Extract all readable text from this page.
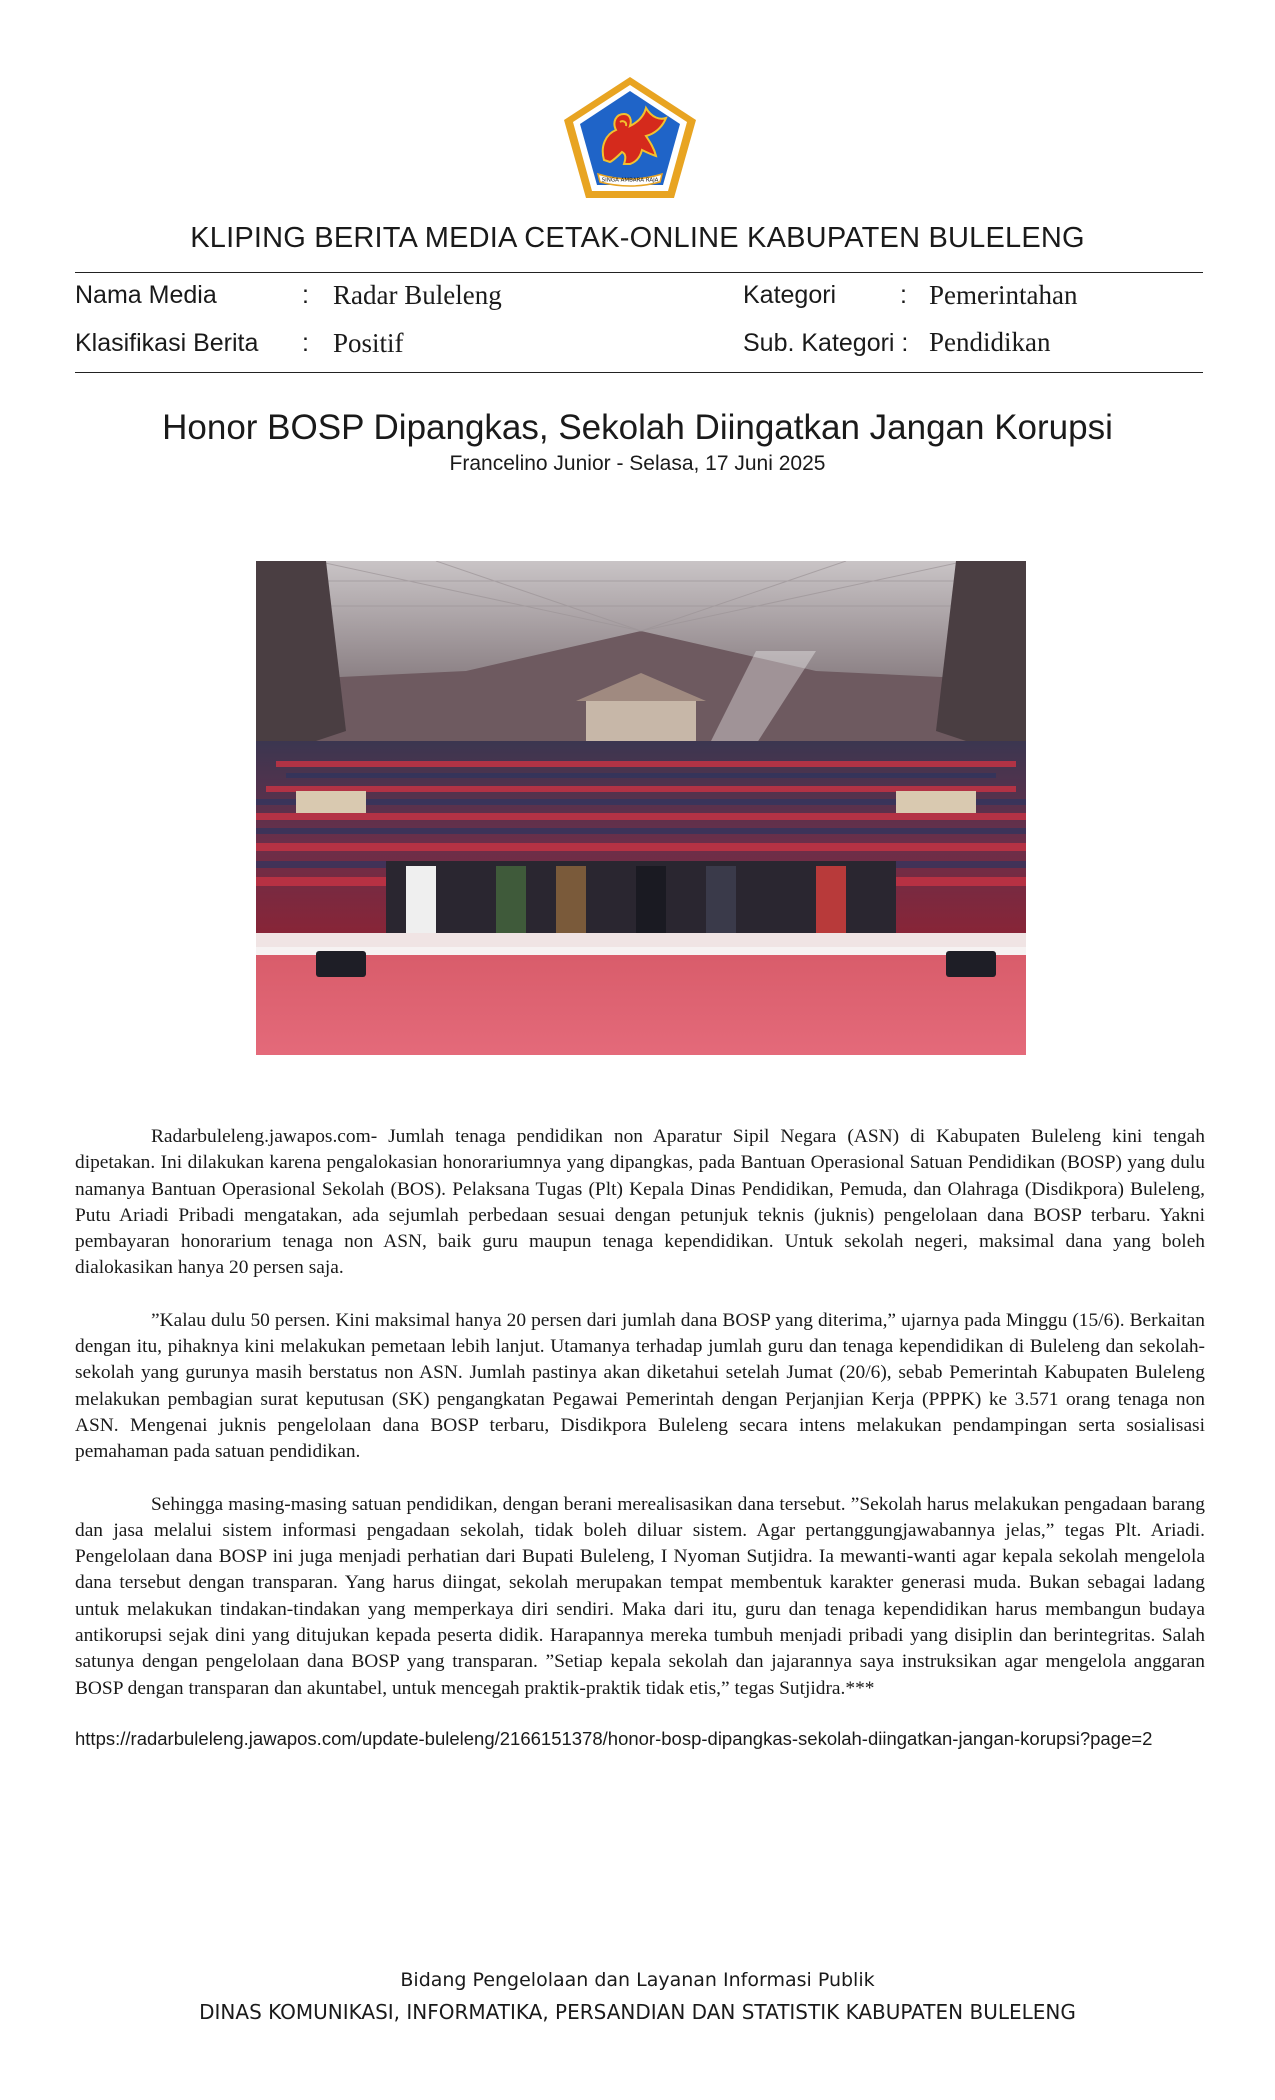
SINGA AMBARA RAJA
KLIPING BERITA MEDIA CETAK-ONLINE KABUPATEN BULELENG
Nama Media	: Radar Buleleng	Kategori	: Pemerintahan
Klasifikasi Berita : Positif	Sub. Kategori : Pendidikan
Honor BOSP Dipangkas, Sekolah Diingatkan Jangan Korupsi
Francelino Junior - Selasa, 17 Juni 2025

Radarbuleleng.jawapos.com- Jumlah tenaga pendidikan non Aparatur Sipil Negara (ASN) di Kabupaten Buleleng kini tengah dipetakan. Ini dilakukan karena pengalokasian honorariumnya yang dipangkas, pada Bantuan Operasional Satuan Pendidikan (BOSP) yang dulu namanya Bantuan Operasional Sekolah (BOS). Pelaksana Tugas (Plt) Kepala Dinas Pendidikan, Pemuda, dan Olahraga (Disdikpora) Buleleng, Putu Ariadi Pribadi mengatakan, ada sejumlah perbedaan sesuai dengan petunjuk teknis (juknis) pengelolaan dana BOSP terbaru. Yakni pembayaran honorarium tenaga non ASN, baik guru maupun tenaga kependidikan. Untuk sekolah negeri, maksimal dana yang boleh dialokasikan hanya 20 persen saja.

”Kalau dulu 50 persen. Kini maksimal hanya 20 persen dari jumlah dana BOSP yang diterima,” ujarnya pada Minggu (15/6). Berkaitan dengan itu, pihaknya kini melakukan pemetaan lebih lanjut. Utamanya terhadap jumlah guru dan tenaga kependidikan di Buleleng dan sekolah-sekolah yang gurunya masih berstatus non ASN. Jumlah pastinya akan diketahui setelah Jumat (20/6), sebab Pemerintah Kabupaten Buleleng melakukan pembagian surat keputusan (SK) pengangkatan Pegawai Pemerintah dengan Perjanjian Kerja (PPPK) ke 3.571 orang tenaga non ASN. Mengenai juknis pengelolaan dana BOSP terbaru, Disdikpora Buleleng secara intens melakukan pendampingan serta sosialisasi pemahaman pada satuan pendidikan.

Sehingga masing-masing satuan pendidikan, dengan berani merealisasikan dana tersebut. ”Sekolah harus melakukan pengadaan barang dan jasa melalui sistem informasi pengadaan sekolah, tidak boleh diluar sistem. Agar pertanggungjawabannya jelas,” tegas Plt. Ariadi. Pengelolaan dana BOSP ini juga menjadi perhatian dari Bupati Buleleng, I Nyoman Sutjidra. Ia mewanti-wanti agar kepala sekolah mengelola dana tersebut dengan transparan. Yang harus diingat, sekolah merupakan tempat membentuk karakter generasi muda. Bukan sebagai ladang untuk melakukan tindakan-tindakan yang memperkaya diri sendiri. Maka dari itu, guru dan tenaga kependidikan harus membangun budaya antikorupsi sejak dini yang ditujukan kepada peserta didik. Harapannya mereka tumbuh menjadi pribadi yang disiplin dan berintegritas. Salah satunya dengan pengelolaan dana BOSP yang transparan. ”Setiap kepala sekolah dan jajarannya saya instruksikan agar mengelola anggaran BOSP dengan transparan dan akuntabel, untuk mencegah praktik-praktik tidak etis,” tegas Sutjidra.***

https://radarbuleleng.jawapos.com/update-buleleng/2166151378/honor-bosp-dipangkas-sekolah-diingatkan-jangan-korupsi?page=2
Bidang Pengelolaan dan Layanan Informasi Publik
DINAS KOMUNIKASI, INFORMATIKA, PERSANDIAN DAN STATISTIK KABUPATEN BULELENG
